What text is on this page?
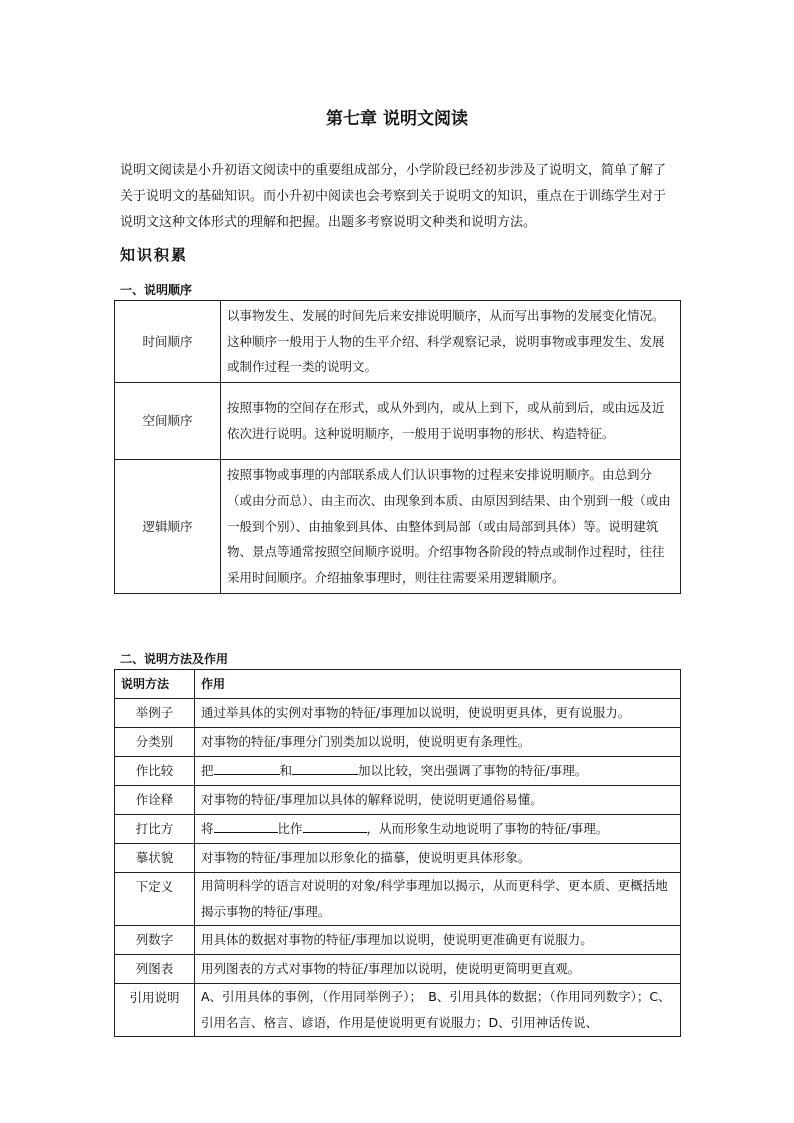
第七章 说明文阅读
说明文阅读是小升初语文阅读中的重要组成部分，小学阶段已经初步涉及了说明文，简单了解了关于说明文的基础知识。而小升初中阅读也会考察到关于说明文的知识，重点在于训练学生对于说明文这种文体形式的理解和把握。出题多考察说明文种类和说明方法。
知识积累
一、说明顺序
时间顺序	以事物发生、发展的时间先后来安排说明顺序，从而写出事物的发展变化情况。这种顺序一般用于人物的生平介绍、科学观察记录，说明事物或事理发生、发展或制作过程一类的说明文。
空间顺序	按照事物的空间存在形式，或从外到内，或从上到下，或从前到后，或由远及近依次进行说明。这种说明顺序，一般用于说明事物的形状、构造特征。
逻辑顺序	按照事物或事理的内部联系成人们认识事物的过程来安排说明顺序。由总到分（或由分而总）、由主而次、由现象到本质、由原因到结果、由个别到一般（或由一般到个别）、由抽象到具体、由整体到局部（或由局部到具体）等。说明建筑物、景点等通常按照空间顺序说明。介绍事物各阶段的特点或制作过程时，往往采用时间顺序。介绍抽象事理时，则往往需要采用逻辑顺序。
二、说明方法及作用
说明方法	作用
举例子	通过举具体的实例对事物的特征/事理加以说明，使说明更具体，更有说服力。
分类别	对事物的特征/事理分门别类加以说明，使说明更有条理性。
作比较	把 和 加以比较，突出强调了事物的特征/事理。
作诠释	对事物的特征/事理加以具体的解释说明，使说明更通俗易懂。
打比方	将 比作 ，从而形象生动地说明了事物的特征/事理。
摹状貌	对事物的特征/事理加以形象化的描摹，使说明更具体形象。
下定义	用简明科学的语言对说明的对象/科学事理加以揭示，从而更科学、更本质、更概括地揭示事物的特征/事理。
列数字	用具体的数据对事物的特征/事理加以说明，使说明更准确更有说服力。
列图表	用列图表的方式对事物的特征/事理加以说明，使说明更简明更直观。
引用说明	A、引用具体的事例，（作用同举例子）；　B、引用具体的数据；（作用同列数字）；C、引用名言、格言、谚语，作用是使说明更有说服力；D、引用神话传说、
